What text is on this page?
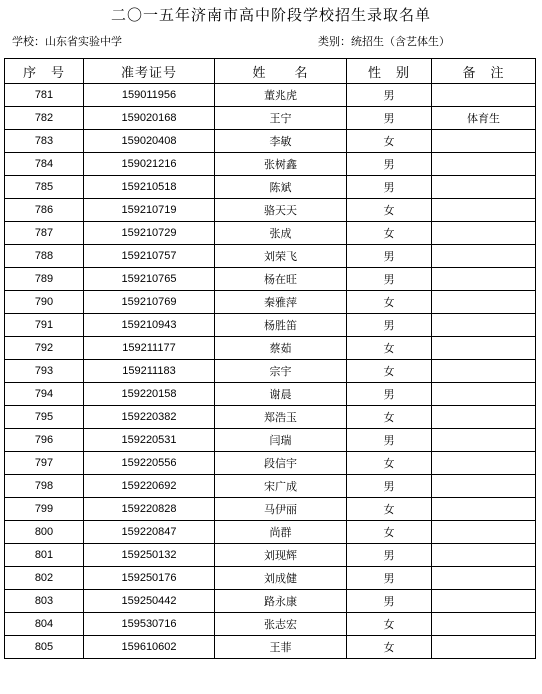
二〇一五年济南市高中阶段学校招生录取名单
学校：山东省实验中学	类别：统招生（含艺体生）
序　号	准考证号	姓　　名	性　别	备　注
781	159011956	董兆虎	男	
782	159020168	王宁	男	体育生
783	159020408	李敏	女	
784	159021216	张树鑫	男	
785	159210518	陈斌	男	
786	159210719	骆天天	女	
787	159210729	张成	女	
788	159210757	刘荣飞	男	
789	159210765	杨在旺	男	
790	159210769	秦雅萍	女	
791	159210943	杨胜笛	男	
792	159211177	蔡茹	女	
793	159211183	宗宇	女	
794	159220158	谢晨	男	
795	159220382	郑浩玉	女	
796	159220531	闫瑞	男	
797	159220556	段信宇	女	
798	159220692	宋广成	男	
799	159220828	马伊丽	女	
800	159220847	尚群	女	
801	159250132	刘现辉	男	
802	159250176	刘成健	男	
803	159250442	路永康	男	
804	159530716	张志宏	女	
805	159610602	王菲	女	
